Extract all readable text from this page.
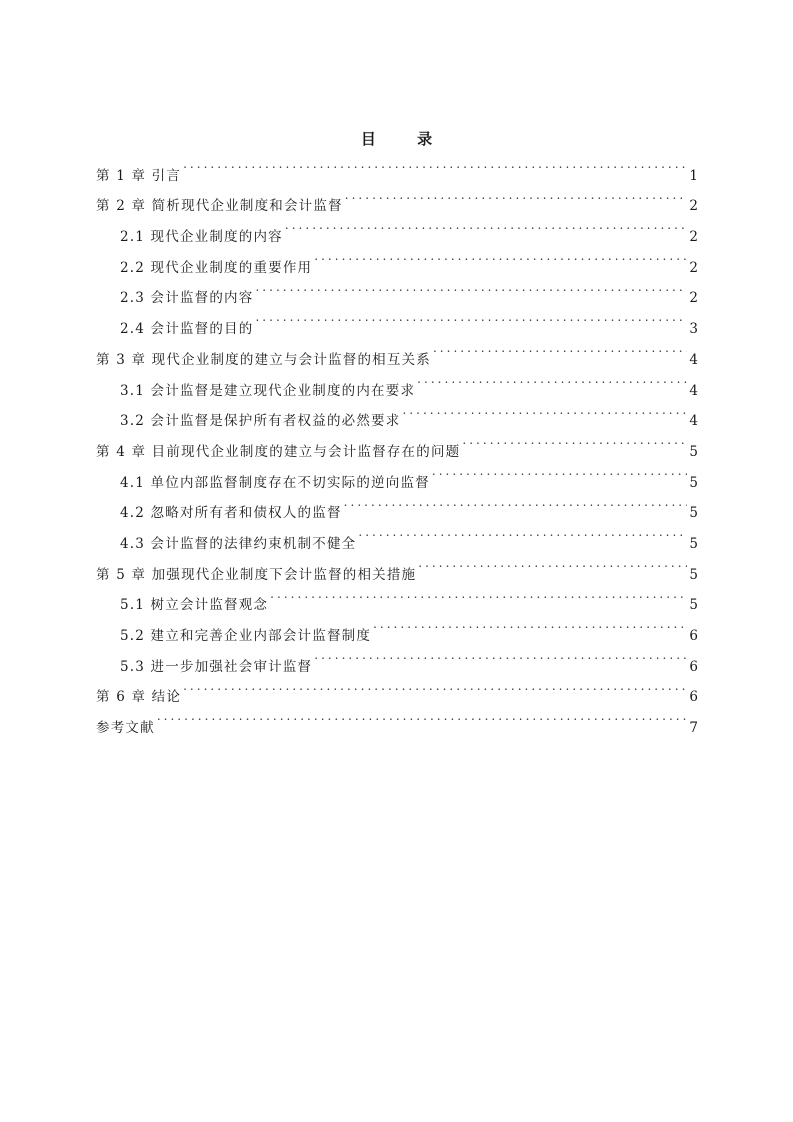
目 录
第 1 章 引言 . . .	1
第 2 章 简析现代企业制度和会计监督 . . .	2
2.1 现代企业制度的内容 . . .	2
2.2 现代企业制度的重要作用 . . .	2
2.3 会计监督的内容 . . .	2
2.4 会计监督的目的 . . .	3
第 3 章 现代企业制度的建立与会计监督的相互关系 . . .	4
3.1 会计监督是建立现代企业制度的内在要求 . . .	4
3.2 会计监督是保护所有者权益的必然要求 . . .	4
第 4 章 目前现代企业制度的建立与会计监督存在的问题 . . .	5
4.1 单位内部监督制度存在不切实际的逆向监督 . . .	5
4.2 忽略对所有者和债权人的监督 . . .	5
4.3 会计监督的法律约束机制不健全 . . .	5
第 5 章 加强现代企业制度下会计监督的相关措施 . . .	5
5.1 树立会计监督观念 . . .	5
5.2 建立和完善企业内部会计监督制度 . . .	6
5.3 进一步加强社会审计监督 . . .	6
第 6 章 结论 . . .	6
参考文献 . . .	7
